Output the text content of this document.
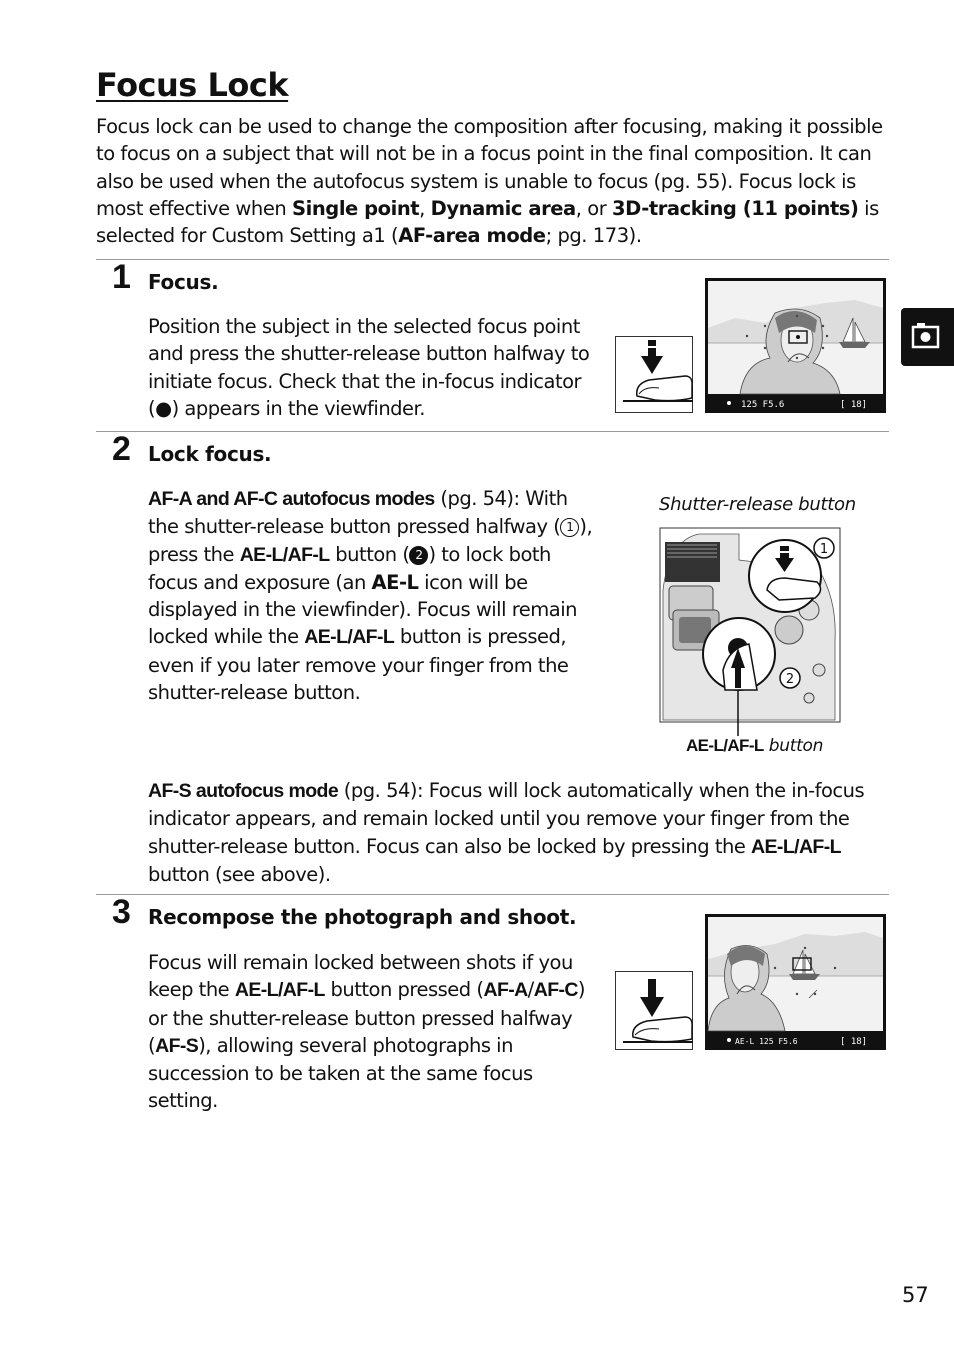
Focus Lock
Focus lock can be used to change the composition after focusing, making it possible to focus on a subject that will not be in a focus point in the final composition. It can also be used when the autofocus system is unable to focus (pg. 55). Focus lock is most effective when Single point, Dynamic area, or 3D-tracking (11 points) is selected for Custom Setting a1 (AF-area mode; pg. 173).
1 Focus.
Position the subject in the selected focus point and press the shutter-release button halfway to initiate focus. Check that the in-focus indicator (●) appears in the viewfinder.	125 F5.6	[ 18]
2 Lock focus.
AF-A and AF-C autofocus modes (pg. 54): With the shutter-release button pressed halfway ( 1 ), press the AE-L/AF-L button ( 2 ) to lock both focus and exposure (an AE-L icon will be displayed in the viewfinder). Focus will remain locked while the AE-L/AF-L button is pressed, even if you later remove your finger from the shutter-release button.
Shutter-release button
1
2
AE-L/AF-L button
AF-S autofocus mode (pg. 54): Focus will lock automatically when the in-focus indicator appears, and remain locked until you remove your finger from the shutter-release button. Focus can also be locked by pressing the AE-L/AF-L button (see above).
3 Recompose the photograph and shoot.
Focus will remain locked between shots if you keep the AE-L/AF-L button pressed (AF-A/AF-C) or the shutter-release button pressed halfway (AF-S), allowing several photographs in succession to be taken at the same focus setting.
AE-L 125 F5.6	[ 18]
57
